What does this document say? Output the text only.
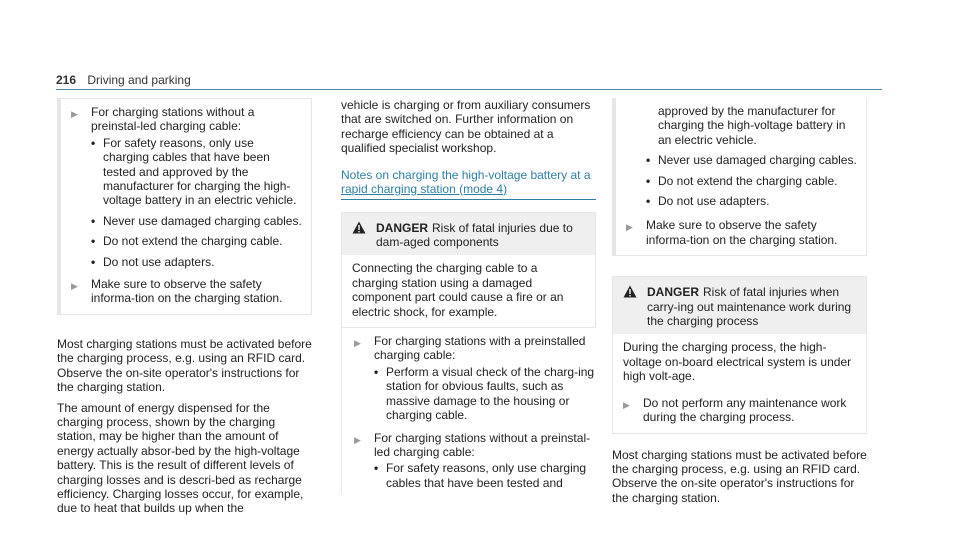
216 Driving and parking
▶ For charging stations without a preinstal-led charging cable:
• For safety reasons, only use charging cables that have been tested and approved by the manufacturer for charging the high-voltage battery in an electric vehicle.
• Never use damaged charging cables.
• Do not extend the charging cable.
• Do not use adapters.
▶ Make sure to observe the safety informa-tion on the charging station.

Most charging stations must be activated before the charging process, e.g. using an RFID card. Observe the on-site operator's instructions for the charging station.

The amount of energy dispensed for the charging process, shown by the charging station, may be higher than the amount of energy actually absor-bed by the high-voltage battery. This is the result of different levels of charging losses and is descri-bed as recharge efficiency. Charging losses occur, for example, due to heat that builds up when the

vehicle is charging or from auxiliary consumers that are switched on. Further information on recharge efficiency can be obtained at a qualified specialist workshop.

Notes on charging the high-voltage battery at a
rapid charging station (mode 4)
DANGER Risk of fatal injuries due to dam-aged components
Connecting the charging cable to a charging station using a damaged component part could cause a fire or an electric shock, for example.
▶ For charging stations with a preinstalled charging cable:
• Perform a visual check of the charg-ing station for obvious faults, such as massive damage to the housing or charging cable.
▶ For charging stations without a preinstal-led charging cable:
• For safety reasons, only use charging cables that have been tested and
approved by the manufacturer for charging the high-voltage battery in an electric vehicle.
• Never use damaged charging cables.
• Do not extend the charging cable.
• Do not use adapters.
▶ Make sure to observe the safety informa-tion on the charging station.
DANGER Risk of fatal injuries when carry-ing out maintenance work during the charging process
During the charging process, the high-voltage on-board electrical system is under high volt-age.
▶ Do not perform any maintenance work during the charging process.

Most charging stations must be activated before the charging process, e.g. using an RFID card. Observe the on-site operator's instructions for the charging station.
